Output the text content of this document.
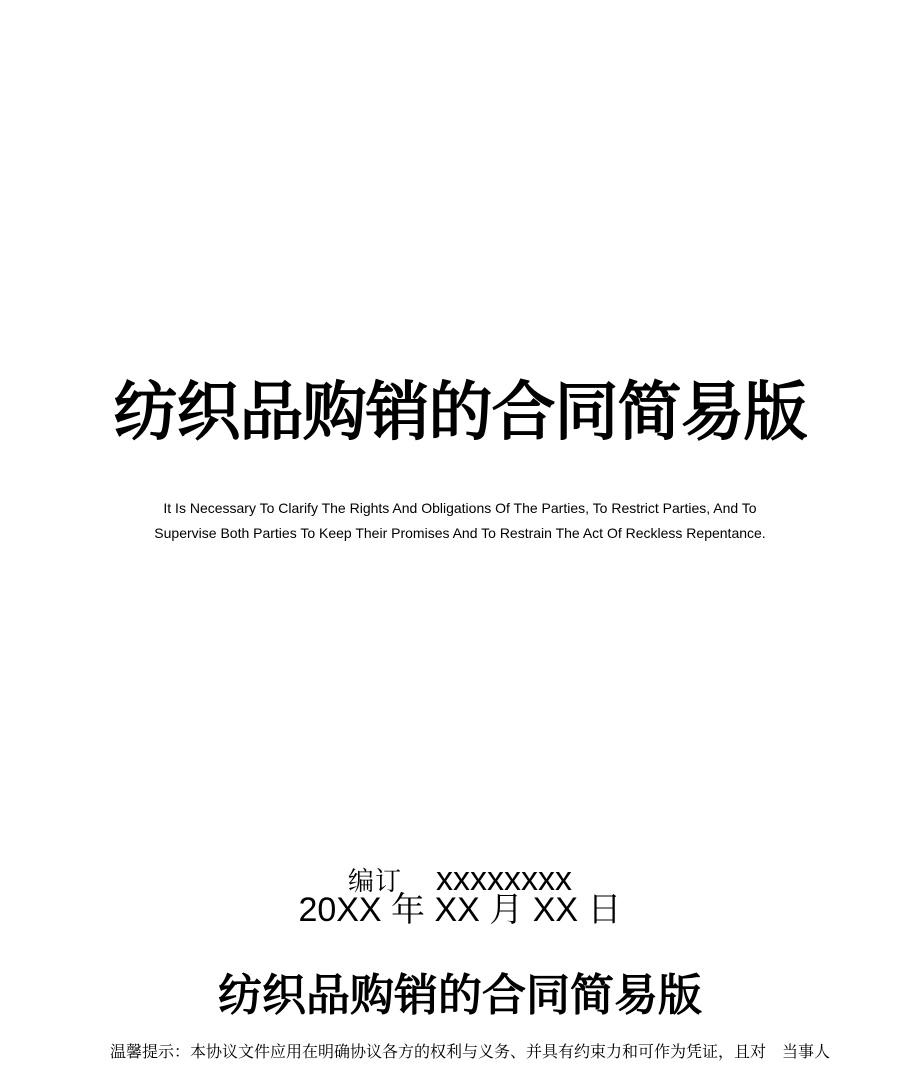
纺织品购销的合同简易版
It Is Necessary To Clarify The Rights And Obligations Of The Parties, To Restrict Parties, And To
Supervise Both Parties To Keep Their Promises And To Restrain The Act Of Reckless Repentance.
编订 xxxxxxxx
20XX 年 XX 月 XX 日
纺织品购销的合同简易版
温馨提示：本协议文件应用在明确协议各方的权利与义务、并具有约束力和可作为凭证，且对　当事人
